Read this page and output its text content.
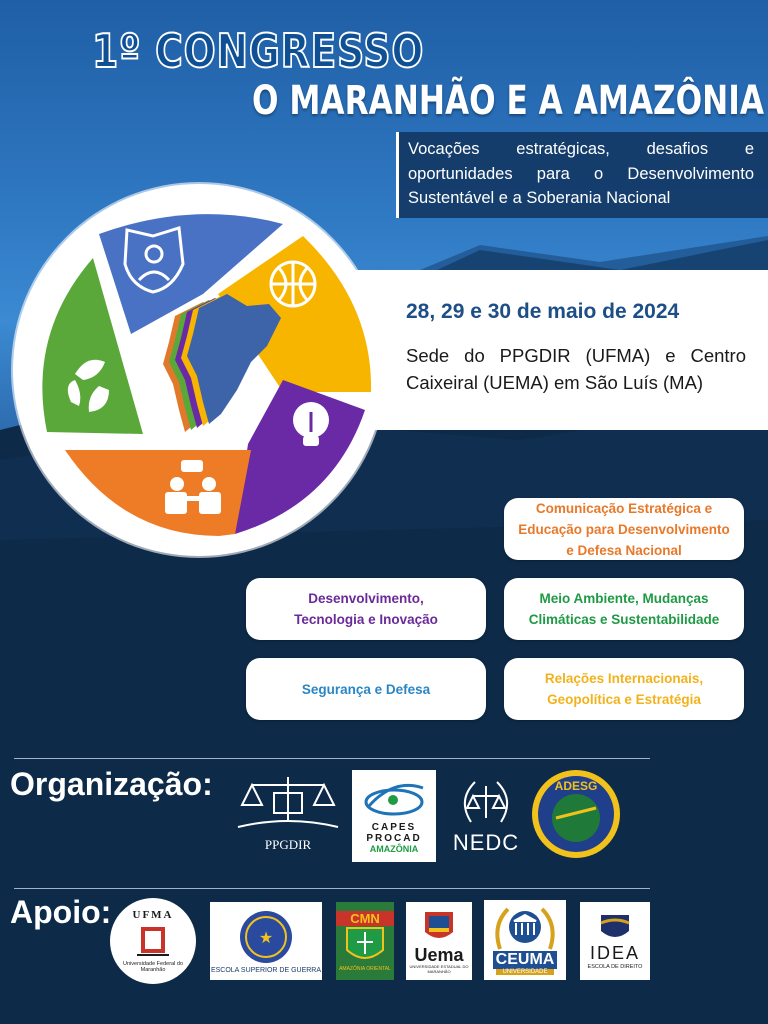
1º CONGRESSO
O MARANHÃO E A AMAZÔNIA
Vocações estratégicas, desafios e oportunidades para o Desenvolvimento Sustentável e a Soberania Nacional
28, 29 e 30 de maio de 2024
Sede do PPGDIR (UFMA) e Centro Caixeiral (UEMA) em São Luís (MA)
Comunicação Estratégica e Educação para Desenvolvimento e Defesa Nacional
Desenvolvimento, Tecnologia e Inovação
Meio Ambiente, Mudanças Climáticas e Sustentabilidade
Segurança e Defesa
Relações Internacionais, Geopolítica e Estratégia
Organização:
PPGDIR
CAPES
PROCAD
AMAZÔNIA NEDC
ADESG
Apoio: UFMA
Universidade Federal do Maranhão
★
ESCOLA SUPERIOR DE GUERRA
CMN
AMAZÔNIA ORIENTAL
Uema
UNIVERSIDADE ESTADUAL DO MARANHÃO
CEUMA
UNIVERSIDADE
IDEA
ESCOLA DE DIREITO
